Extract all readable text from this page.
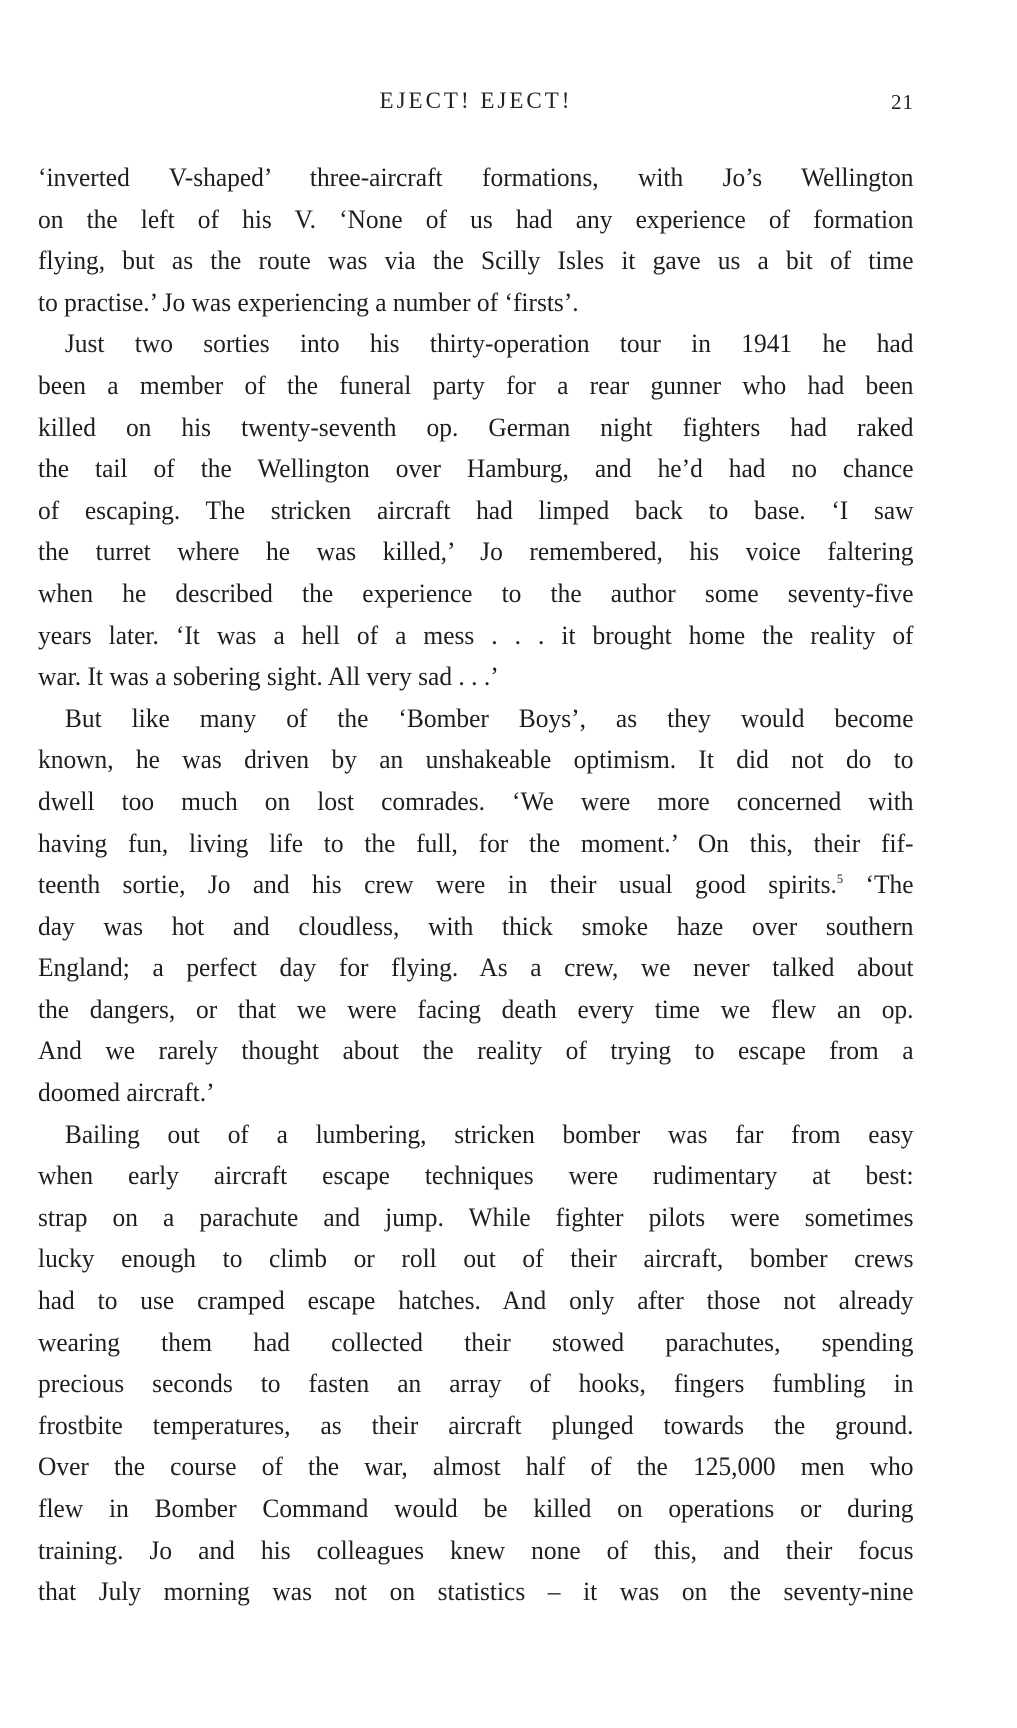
EJECT! EJECT!	21
‘inverted V-shaped’ three-aircraft formations, with Jo’s Wellington
on the left of his V. ‘None of us had any experience of formation
flying, but as the route was via the Scilly Isles it gave us a bit of time
to practise.’ Jo was experiencing a number of ‘firsts’.
Just two sorties into his thirty-operation tour in 1941 he had
been a member of the funeral party for a rear gunner who had been
killed on his twenty-seventh op. German night fighters had raked
the tail of the Wellington over Hamburg, and he’d had no chance
of escaping. The stricken aircraft had limped back to base. ‘I saw
the turret where he was killed,’ Jo remembered, his voice faltering
when he described the experience to the author some seventy-five
years later. ‘It was a hell of a mess . . . it brought home the reality of
war. It was a sobering sight. All very sad . . .’
But like many of the ‘Bomber Boys’, as they would become
known, he was driven by an unshakeable optimism. It did not do to
dwell too much on lost comrades. ‘We were more concerned with
having fun, living life to the full, for the moment.’ On this, their fif-
teenth sortie, Jo and his crew were in their usual good spirits.$^5$ ‘The
day was hot and cloudless, with thick smoke haze over southern
England; a perfect day for flying. As a crew, we never talked about
the dangers, or that we were facing death every time we flew an op.
And we rarely thought about the reality of trying to escape from a
doomed aircraft.’
Bailing out of a lumbering, stricken bomber was far from easy
when early aircraft escape techniques were rudimentary at best:
strap on a parachute and jump. While fighter pilots were sometimes
lucky enough to climb or roll out of their aircraft, bomber crews
had to use cramped escape hatches. And only after those not already
wearing them had collected their stowed parachutes, spending
precious seconds to fasten an array of hooks, fingers fumbling in
frostbite temperatures, as their aircraft plunged towards the ground.
Over the course of the war, almost half of the 125,000 men who
flew in Bomber Command would be killed on operations or during
training. Jo and his colleagues knew none of this, and their focus
that July morning was not on statistics – it was on the seventy-nine
